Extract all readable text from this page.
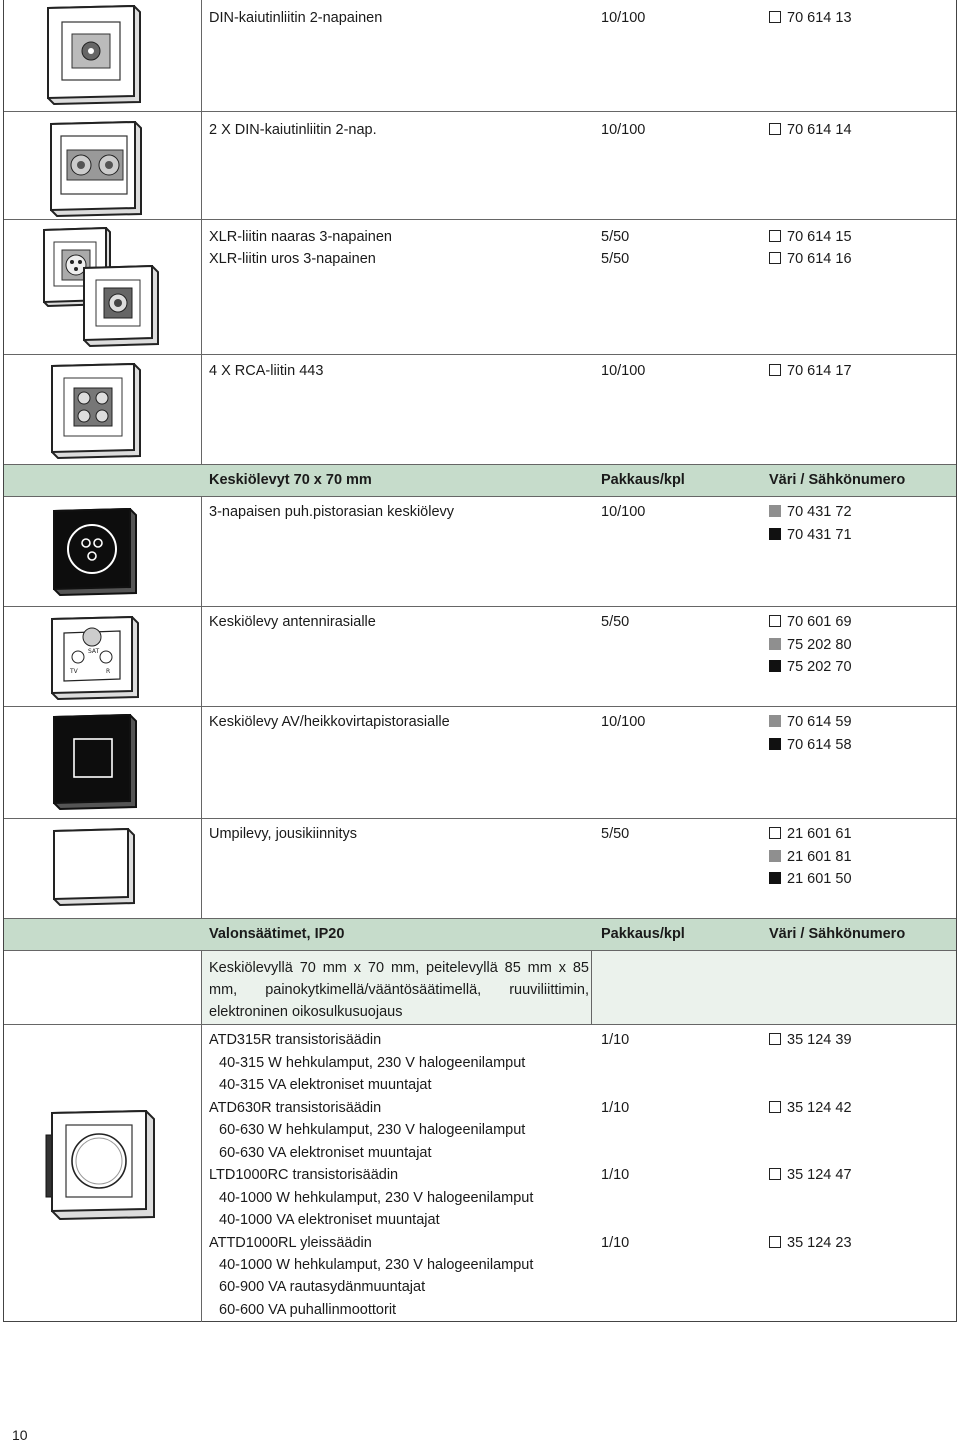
DIN-kaiutinliitin 2-napainen	10/100	70 614 13
2 X DIN-kaiutinliitin 2-nap.	10/100	70 614 14
XLR-liitin naaras 3-napainen	5/50	70 614 15
XLR-liitin uros 3-napainen	5/50	70 614 16
4 X RCA-liitin 443	10/100	70 614 17
Keskiölevyt 70 x 70 mm	Pakkaus/kpl	Väri / Sähkönumero
3-napaisen puh.pistorasian keskiölevy	10/100	70 431 72
70 431 71
SAT
TV	R
Keskiölevy antennirasialle	5/50	70 601 69
75 202 80
75 202 70
Keskiölevy AV/heikkovirtapistorasialle	10/100	70 614 59
70 614 58
Umpilevy, jousikiinnitys	5/50	21 601 61
21 601 81
21 601 50
Valonsäätimet, IP20	Pakkaus/kpl	Väri / Sähkönumero
Keskiölevyllä 70 mm x 70 mm, peitelevyllä 85 mm x 85 mm, painokytkimellä/vääntösäätimellä, ruuviliittimin, elektroninen oikosulkusuojaus
ATD315R transistorisäädin	1/10	35 124 39
40-315 W hehkulamput, 230 V halogeenilamput
40-315 VA elektroniset muuntajat
ATD630R transistorisäädin	1/10	35 124 42
60-630 W hehkulamput, 230 V halogeenilamput
60-630 VA elektroniset muuntajat
LTD1000RC transistorisäädin	1/10	35 124 47
40-1000 W hehkulamput, 230 V halogeenilamput
40-1000 VA elektroniset muuntajat
ATTD1000RL yleissäädin	1/10	35 124 23
40-1000 W hehkulamput, 230 V halogeenilamput
60-900 VA rautasydänmuuntajat
60-600 VA puhallinmoottorit
10
